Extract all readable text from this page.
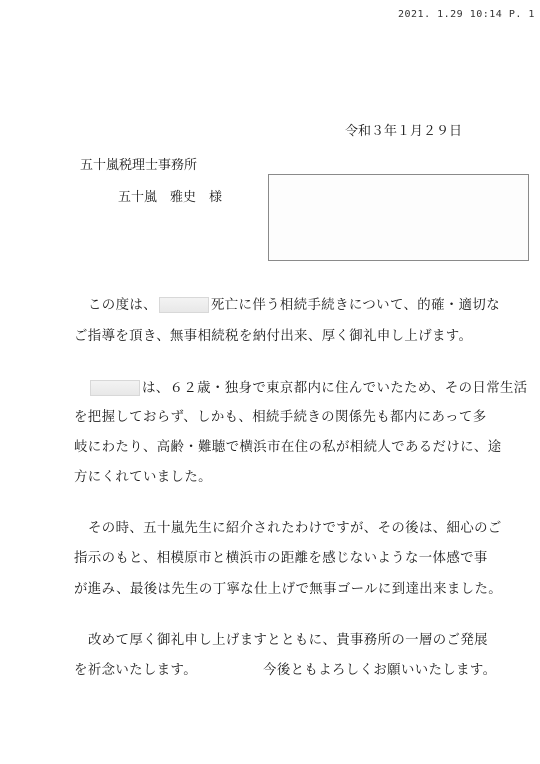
2021. 1.29 10:14 P. 1
令和３年１月２９日
五十嵐税理士事務所
五十嵐　雅史　様
この度は、	死亡に伴う相続手続きについて、的確・適切な
ご指導を頂き、無事相続税を納付出来、厚く御礼申し上げます。
は、６２歳・独身で東京都内に住んでいたため、その日常生活
を把握しておらず、しかも、相続手続きの関係先も都内にあって多
岐にわたり、高齢・難聴で横浜市在住の私が相続人であるだけに、途
方にくれていました。
その時、五十嵐先生に紹介されたわけですが、その後は、細心のご
指示のもと、相模原市と横浜市の距離を感じないような一体感で事
が進み、最後は先生の丁寧な仕上げで無事ゴールに到達出来ました。
改めて厚く御礼申し上げますとともに、貴事務所の一層のご発展
を祈念いたします。	今後ともよろしくお願いいたします。
